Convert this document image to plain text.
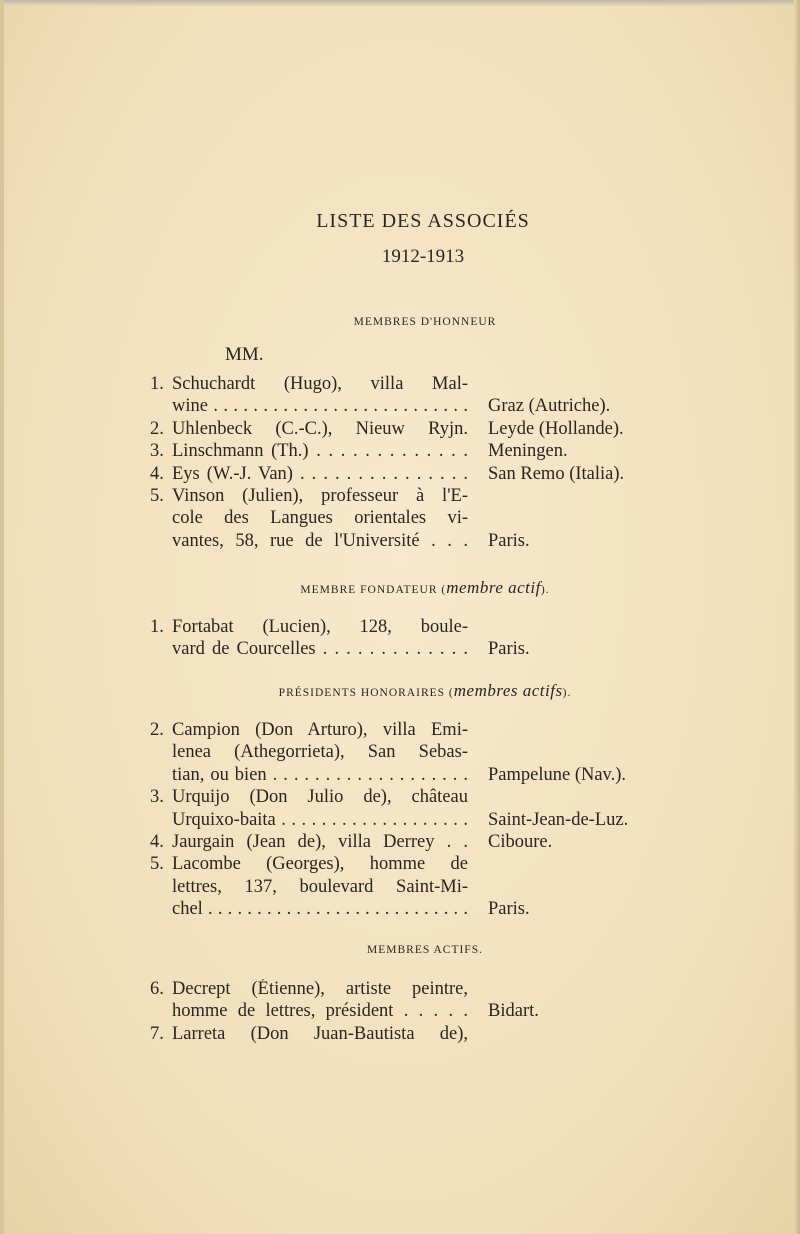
LISTE DES ASSOCIÉS
1912-1913
MEMBRES D'HONNEUR
MM.
1. Schuchardt (Hugo), villa Mal-
wine . . . . . . . . . . . . . . . . . . . . . . . . . . Graz (Autriche).
2. Uhlenbeck (C.-C.), Nieuw Ryjn. Leyde (Hollande).
3. Linschmann (Th.) . . . . . . . . . . . . . Meningen.
4. Eys (W.-J. Van) . . . . . . . . . . . . . . . San Remo (Italia).
5. Vinson (Julien), professeur à l'E-
cole des Langues orientales vi-
vantes, 58, rue de l'Université . . . Paris.
MEMBRE FONDATEUR (membre actif).
1. Fortabat (Lucien), 128, boule-
vard de Courcelles . . . . . . . . . . . . . Paris.
PRÉSIDENTS HONORAIRES (membres actifs).
2. Campion (Don Arturo), villa Emi-
lenea (Athegorrieta), San Sebas-
tian, ou bien . . . . . . . . . . . . . . . . . . . Pampelune (Nav.).
3. Urquijo (Don Julio de), château
Urquixo-baita . . . . . . . . . . . . . . . . . . . Saint-Jean-de-Luz.
4. Jaurgain (Jean de), villa Derrey . . Ciboure.
5. Lacombe (Georges), homme de
lettres, 137, boulevard Saint-Mi-
chel . . . . . . . . . . . . . . . . . . . . . . . . . . . Paris.
MEMBRES ACTIFS.
6. Decrept (Étienne), artiste peintre,
homme de lettres, président . . . . . Bidart.
7. Larreta (Don Juan-Bautista de),
